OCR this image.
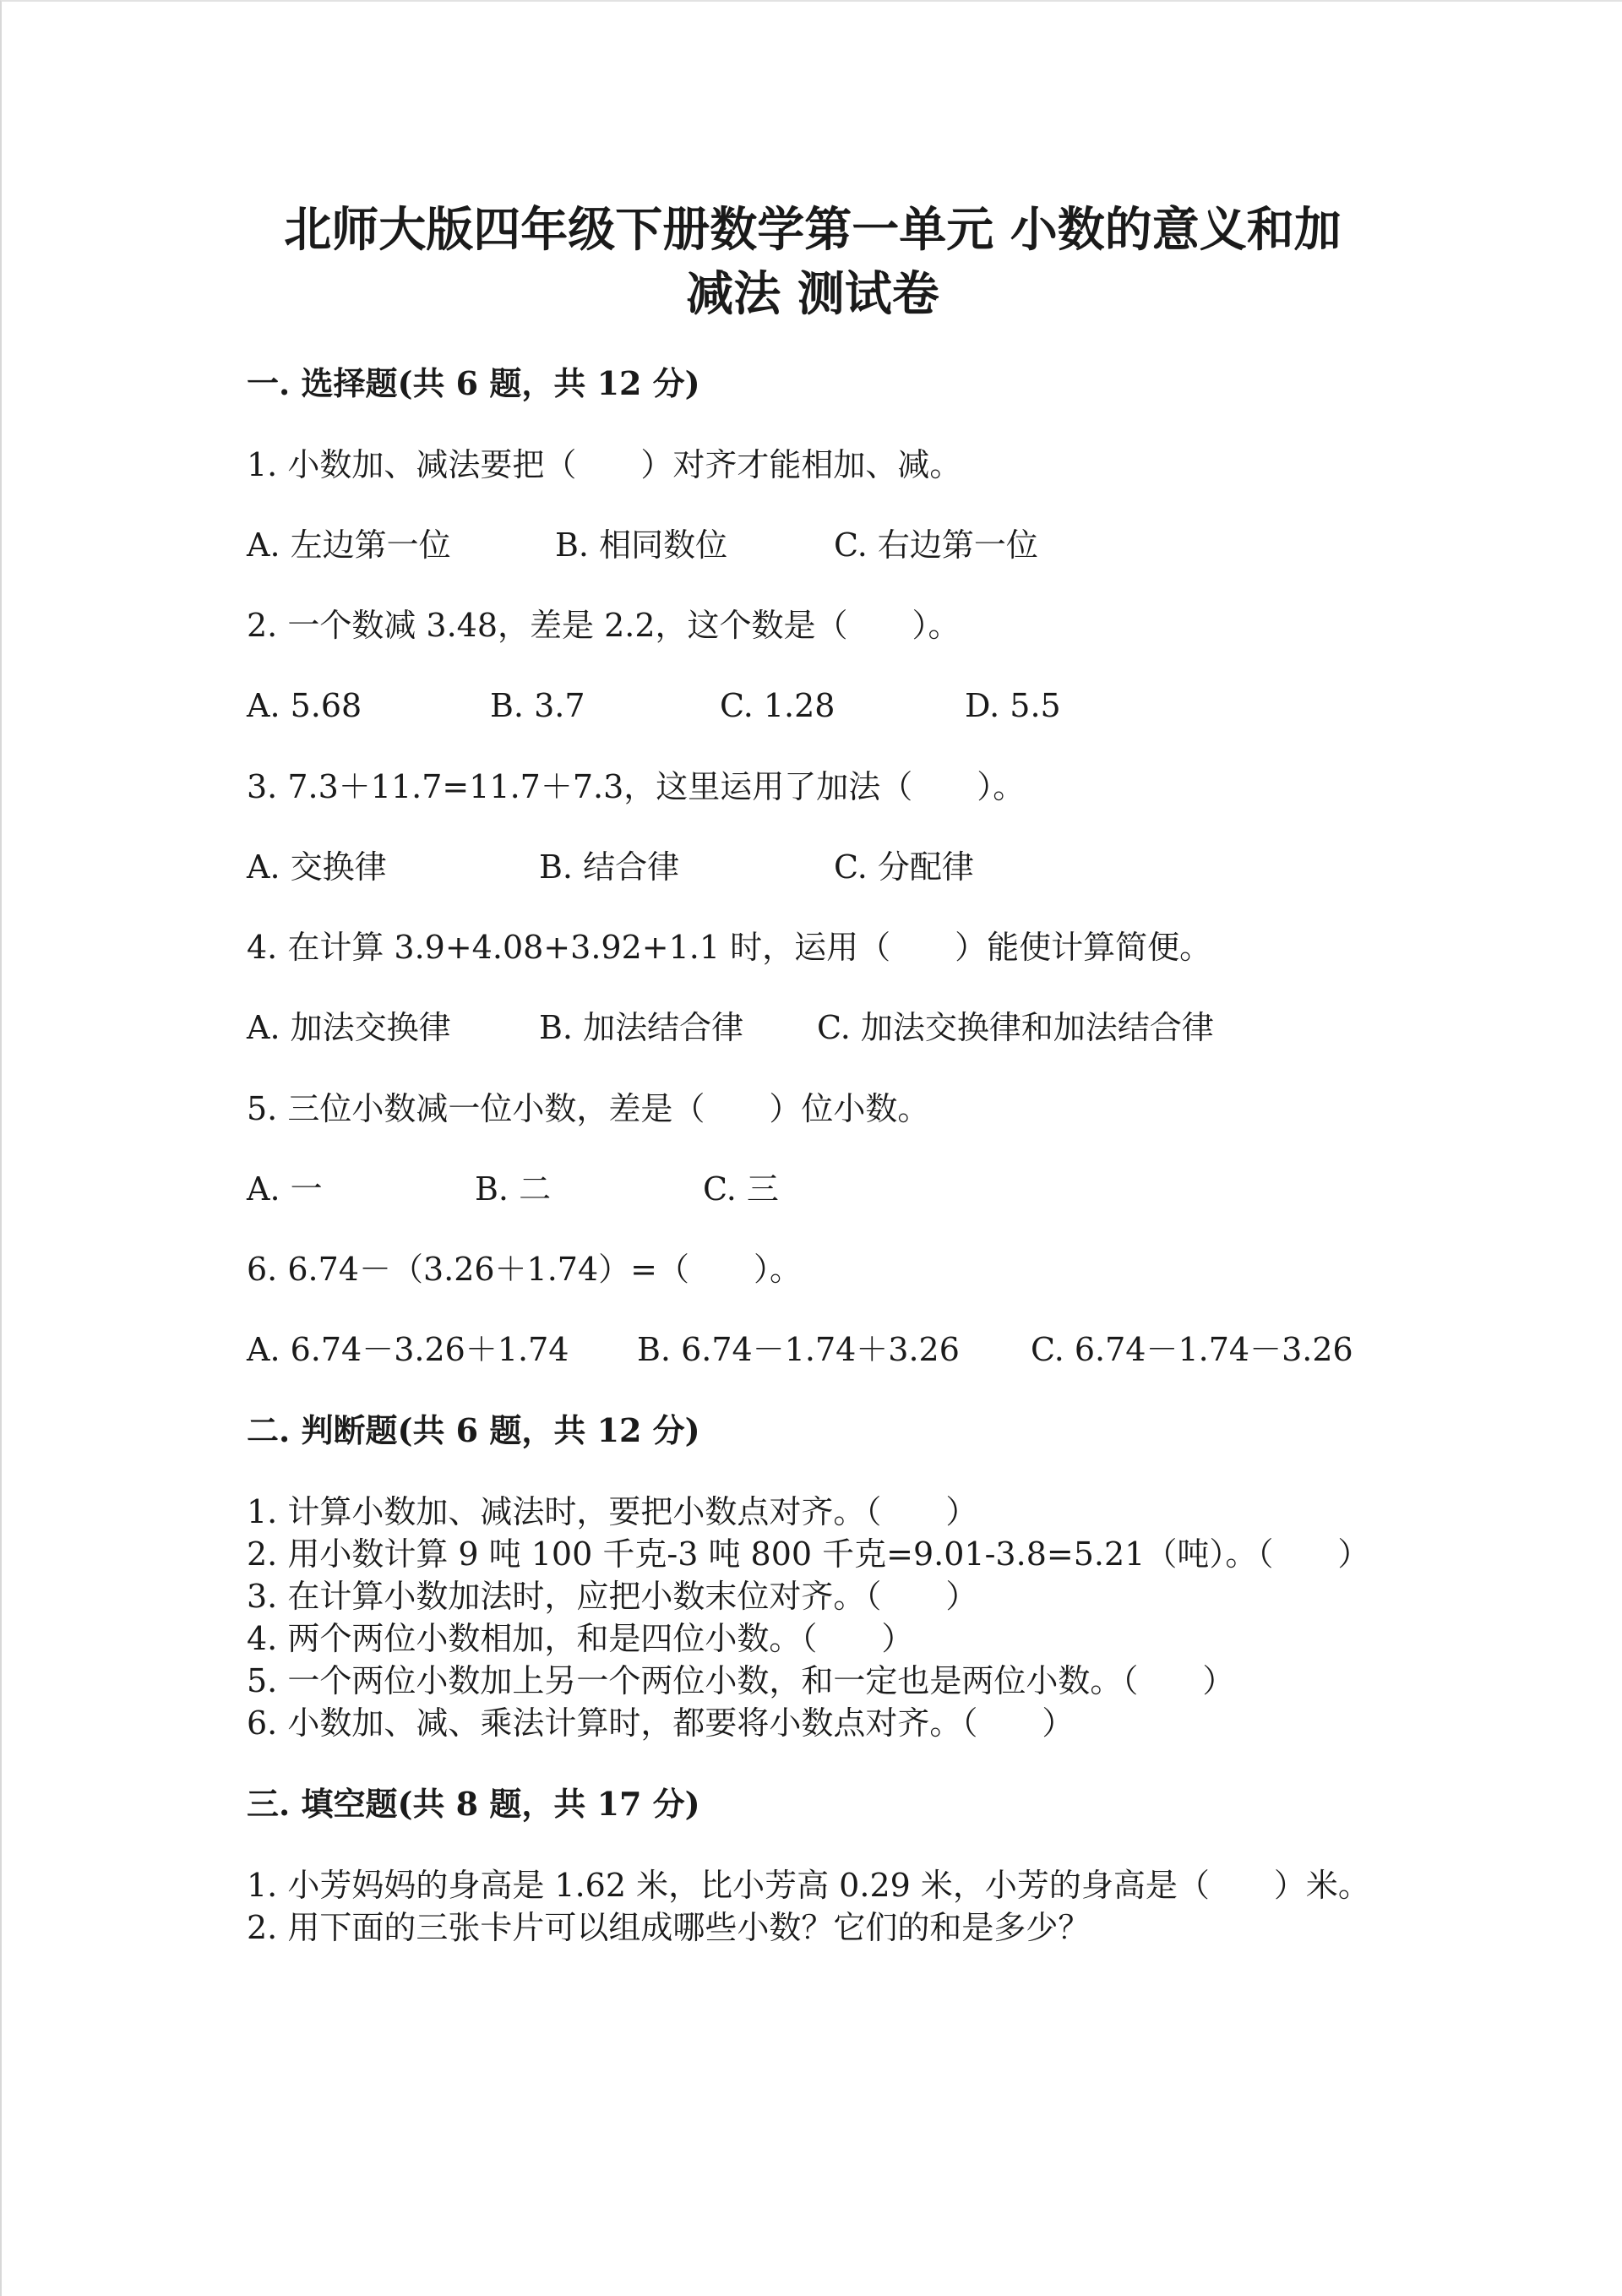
北师大版四年级下册数学第一单元 小数的意义和加
减法 测试卷
一. 选择题(共 6 题，共 12 分)
1. 小数加、减法要把（　　）对齐才能相加、减。
A. 左边第一位	B. 相同数位	C. 右边第一位
2. 一个数减 3.48，差是 2.2，这个数是（　　）。
A. 5.68	B. 3.7	C. 1.28	D. 5.5
3. 7.3＋11.7=11.7＋7.3，这里运用了加法（　　）。
A. 交换律	B. 结合律	C. 分配律
4. 在计算 3.9+4.08+3.92+1.1 时，运用（　　）能使计算简便。
A. 加法交换律	B. 加法结合律 C. 加法交换律和加法结合律
5. 三位小数减一位小数，差是（　　）位小数。
A. 一	B. 二	C. 三
6. 6.74－（3.26＋1.74）=（　　）。
A. 6.74－3.26＋1.74 B. 6.74－1.74＋3.26 C. 6.74－1.74－3.26
二. 判断题(共 6 题，共 12 分)
1. 计算小数加、减法时，要把小数点对齐。（　　）
2. 用小数计算 9 吨 100 千克-3 吨 800 千克=9.01-3.8=5.21（吨）。（　　）
3. 在计算小数加法时，应把小数末位对齐。（　　）
4. 两个两位小数相加，和是四位小数。（　　）
5. 一个两位小数加上另一个两位小数，和一定也是两位小数。（　　）
6. 小数加、减、乘法计算时，都要将小数点对齐。（　　）
三. 填空题(共 8 题，共 17 分)
1. 小芳妈妈的身高是 1.62 米，比小芳高 0.29 米，小芳的身高是（　　）米。
2. 用下面的三张卡片可以组成哪些小数？它们的和是多少？
